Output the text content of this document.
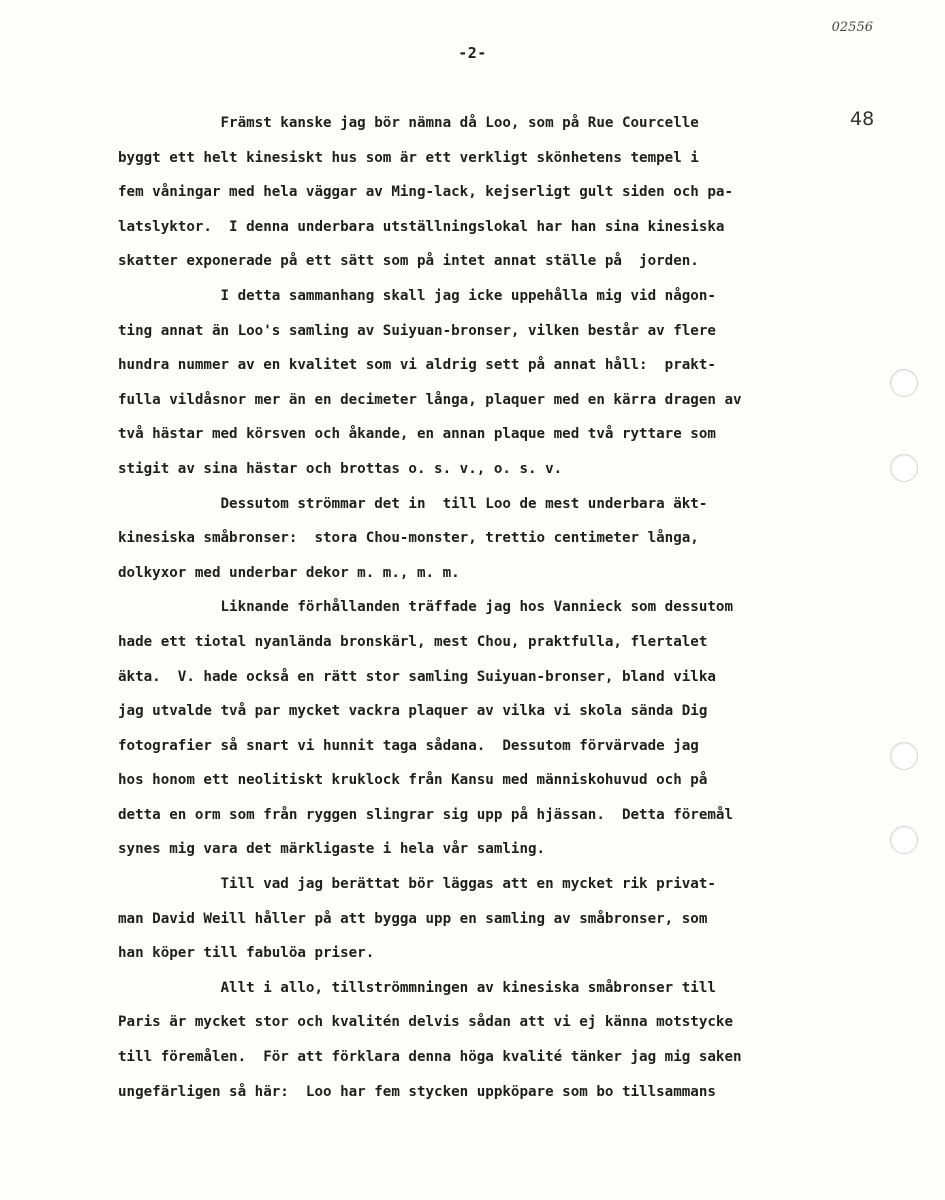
02556
-2-
48
Främst kanske jag bör nämna då Loo, som på Rue Courcelle
byggt ett helt kinesiskt hus som är ett verkligt skönhetens tempel i
fem våningar med hela väggar av Ming-lack, kejserligt gult siden och pa-
latslyktor.  I denna underbara utställningslokal har han sina kinesiska
skatter exponerade på ett sätt som på intet annat ställe på  jorden.
I detta sammanhang skall jag icke uppehålla mig vid någon-
ting annat än Loo's samling av Suiyuan-bronser, vilken består av flere
hundra nummer av en kvalitet som vi aldrig sett på annat håll:  prakt-
fulla vildåsnor mer än en decimeter långa, plaquer med en kärra dragen av
två hästar med körsven och åkande, en annan plaque med två ryttare som
stigit av sina hästar och brottas o. s. v., o. s. v.
Dessutom strömmar det in  till Loo de mest underbara äkt-
kinesiska småbronser:  stora Chou-monster, trettio centimeter långa,
dolkyxor med underbar dekor m. m., m. m.
Liknande förhållanden träffade jag hos Vannieck som dessutom
hade ett tiotal nyanlända bronskärl, mest Chou, praktfulla, flertalet
äkta.  V. hade också en rätt stor samling Suiyuan-bronser, bland vilka
jag utvalde två par mycket vackra plaquer av vilka vi skola sända Dig
fotografier så snart vi hunnit taga sådana.  Dessutom förvärvade jag
hos honom ett neolitiskt kruklock från Kansu med människohuvud och på
detta en orm som från ryggen slingrar sig upp på hjässan.  Detta föremål
synes mig vara det märkligaste i hela vår samling.
Till vad jag berättat bör läggas att en mycket rik privat-
man David Weill håller på att bygga upp en samling av småbronser, som
han köper till fabulöa priser.
Allt i allo, tillströmmningen av kinesiska småbronser till
Paris är mycket stor och kvalitén delvis sådan att vi ej känna motstycke
till föremålen.  För att förklara denna höga kvalité tänker jag mig saken
ungefärligen så här:  Loo har fem stycken uppköpare som bo tillsammans
